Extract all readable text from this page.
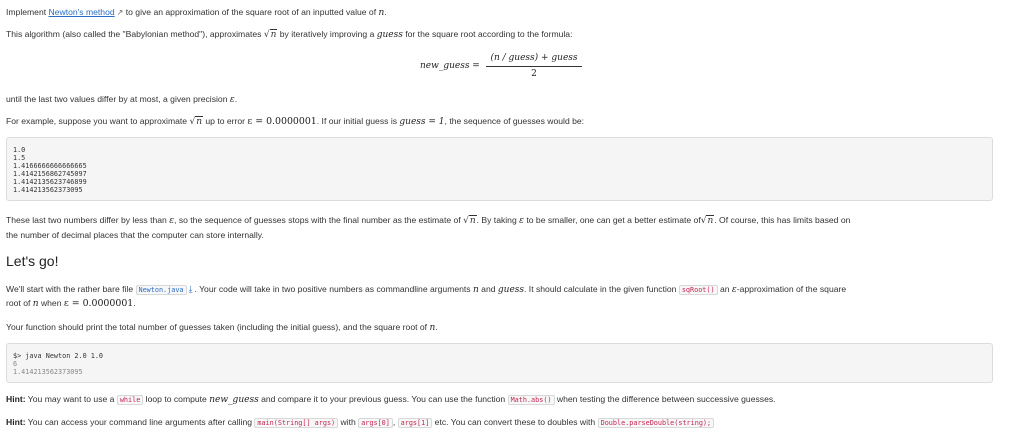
Implement Newton's method ↗ to give an approximation of the square root of an inputted value of n.
This algorithm (also called the "Babylonian method"), approximates √n by iteratively improving a guess for the square root according to the formula:
new_guess =
(n / guess) + guess
2
until the last two values differ by at most, a given precision ε.
For example, suppose you want to approximate √n up to error ε = 0.0000001. If our initial guess is guess = 1, the sequence of guesses would be:
1.0
1.5
1.4166666666666665
1.4142156862745097
1.4142135623746899
1.414213562373095
These last two numbers differ by less than ε, so the sequence of guesses stops with the final number as the estimate of √n. By taking ε to be smaller, one can get a better estimate of√n. Of course, this has limits based on
the number of decimal places that the computer can store internally.
Let's go!
We'll start with the rather bare file Newton.java ⤓ . Your code will take in two positive numbers as commandline arguments n and guess. It should calculate in the given function sqRoot() an ε-approximation of the square
root of n when ε = 0.0000001.
Your function should print the total number of guesses taken (including the initial guess), and the square root of n.
$> java Newton 2.0 1.0
6
1.414213562373095
Hint: You may want to use a while loop to compute new_guess and compare it to your previous guess. You can use the function Math.abs() when testing the difference between successive guesses.
Hint: You can access your command line arguments after calling main(String[] args) with args[0] , args[1] etc. You can convert these to doubles with Double.parseDouble(string);
